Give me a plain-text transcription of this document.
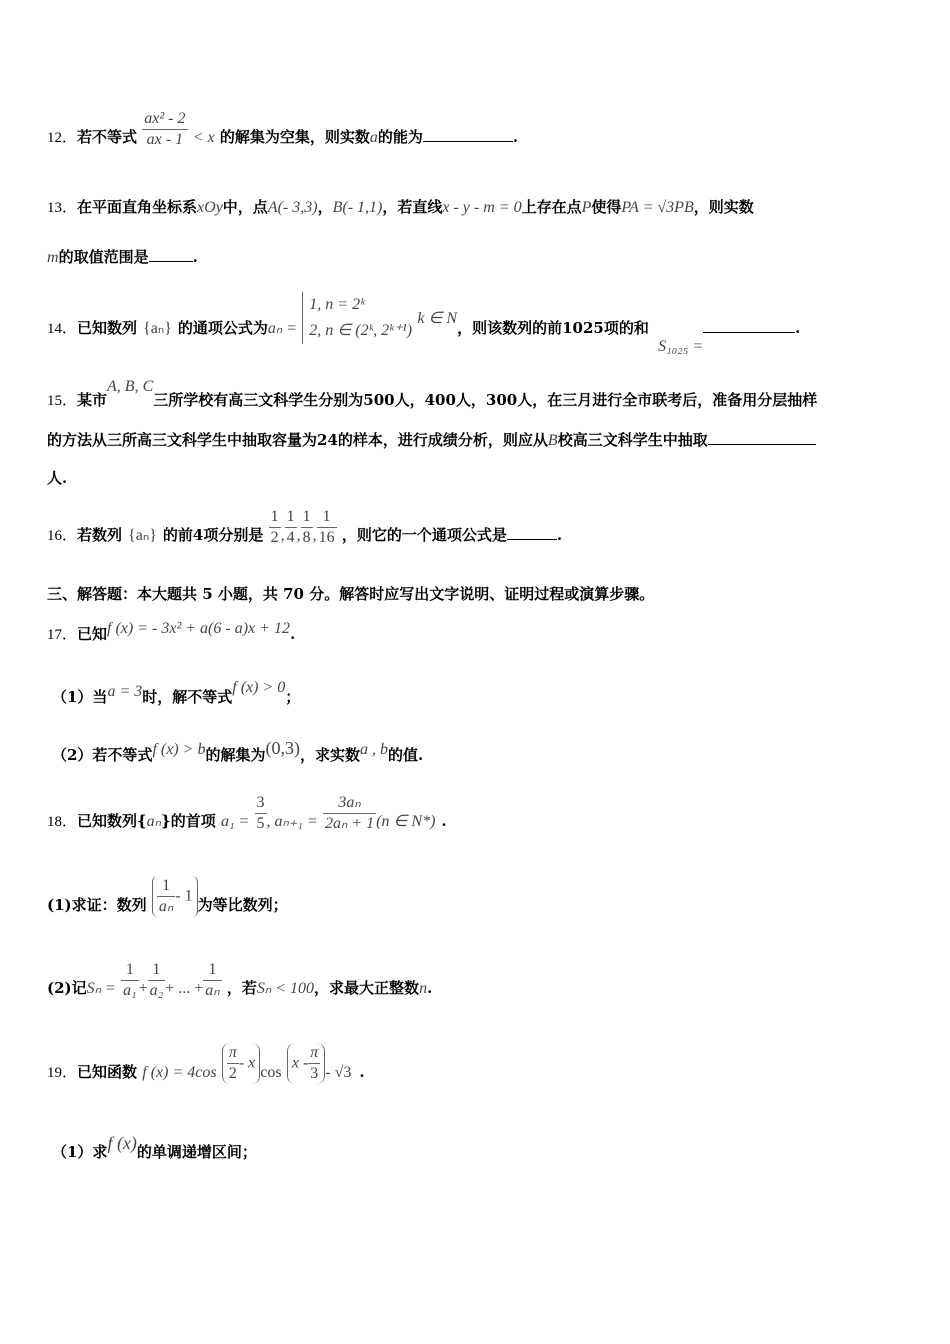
12．若不等式 $\frac{\text{ax² - 2}}{ax - 1} < x$ 的解集为空集，则实数a的能为	.
13．在平面直角坐标系xOy中，点A(- 3,3)，B(- 1,1)，若直线x - y - m = 0上存在点P使得PA = √3PB，则实数
m的取值范围是	.
14．已知数列 {aₙ} 的通项公式为aₙ =
1, n = 2ᵏ
2, n ∈ (2ᵏ, 2ᵏ⁺¹)
k ∈ N，则该数列的前1025项的和 S₁₀₂₅ =.
15．某市A, B, C三所学校有高三文科学生分别为500人，400人，300人，在三月进行全市联考后，准备用分层抽样
的方法从三所高三文科学生中抽取容量为24的样本，进行成绩分析，则应从B校高三文科学生中抽取
人.
16．若数列 {aₙ} 的前4项分别是 $\frac{1}{2}$ , $\frac{1}{4}$ , $\frac{1}{8}$ , $\frac{1}{16}$ ，则它的一个通项公式是	.
三、解答题：本大题共 5 小题，共 70 分。解答时应写出文字说明、证明过程或演算步骤。
17．已知f (x) = - 3x² + a(6 - a)x + 12.
（1）当a = 3时，解不等式f (x) > 0；
（2）若不等式f (x) > b的解集为(0,3)，求实数a , b的值.
18．已知数列{aₙ}的首项 $a_1 = \frac{3}{5}$ , $a_{n+1} = \frac{\text{3aₙ}}{\text{2aₙ + 1}} (n$ ∈ N*) .
(1)求证：数列 $\frac{1}{\text{aₙ}} - 1$为等比数列；
(2)记$S_n = \frac{1}{\text{a₁}} + \frac{1}{\text{a₂}}$ + ... + $\frac{1}{\text{aₙ}}$ ，若Sₙ < 100，求最大正整数n.
19．已知函数 f $(x) = 4\cos \frac{\pi}{2} - xcos$ x - $\frac{\pi}{3} - √3$ .
（1）求f (x)的单调递增区间；
